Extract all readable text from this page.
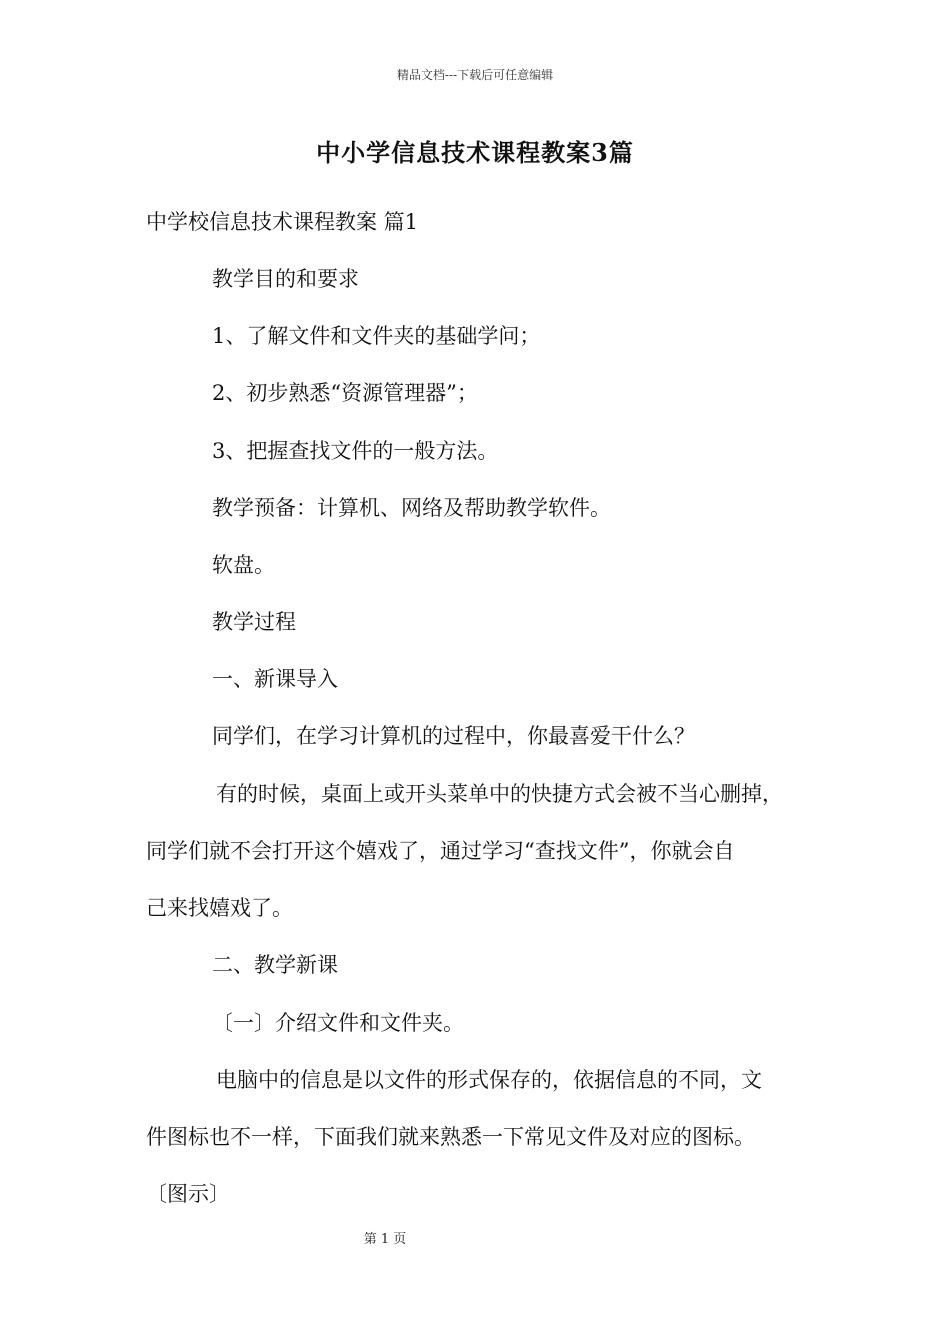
精品文档---下载后可任意编辑
中小学信息技术课程教案3篇
中学校信息技术课程教案 篇1
教学目的和要求
1、了解文件和文件夹的基础学问；
2、初步熟悉“资源管理器”；
3、把握查找文件的一般方法。
教学预备：计算机、网络及帮助教学软件。
软盘。
教学过程
一、新课导入
同学们，在学习计算机的过程中，你最喜爱干什么？
有的时候，桌面上或开头菜单中的快捷方式会被不当心删掉，
同学们就不会打开这个嬉戏了，通过学习“查找文件”，你就会自
己来找嬉戏了。
二、教学新课
〔一〕介绍文件和文件夹。
电脑中的信息是以文件的形式保存的，依据信息的不同，文
件图标也不一样，下面我们就来熟悉一下常见文件及对应的图标。
〔图示〕
第 1 页
